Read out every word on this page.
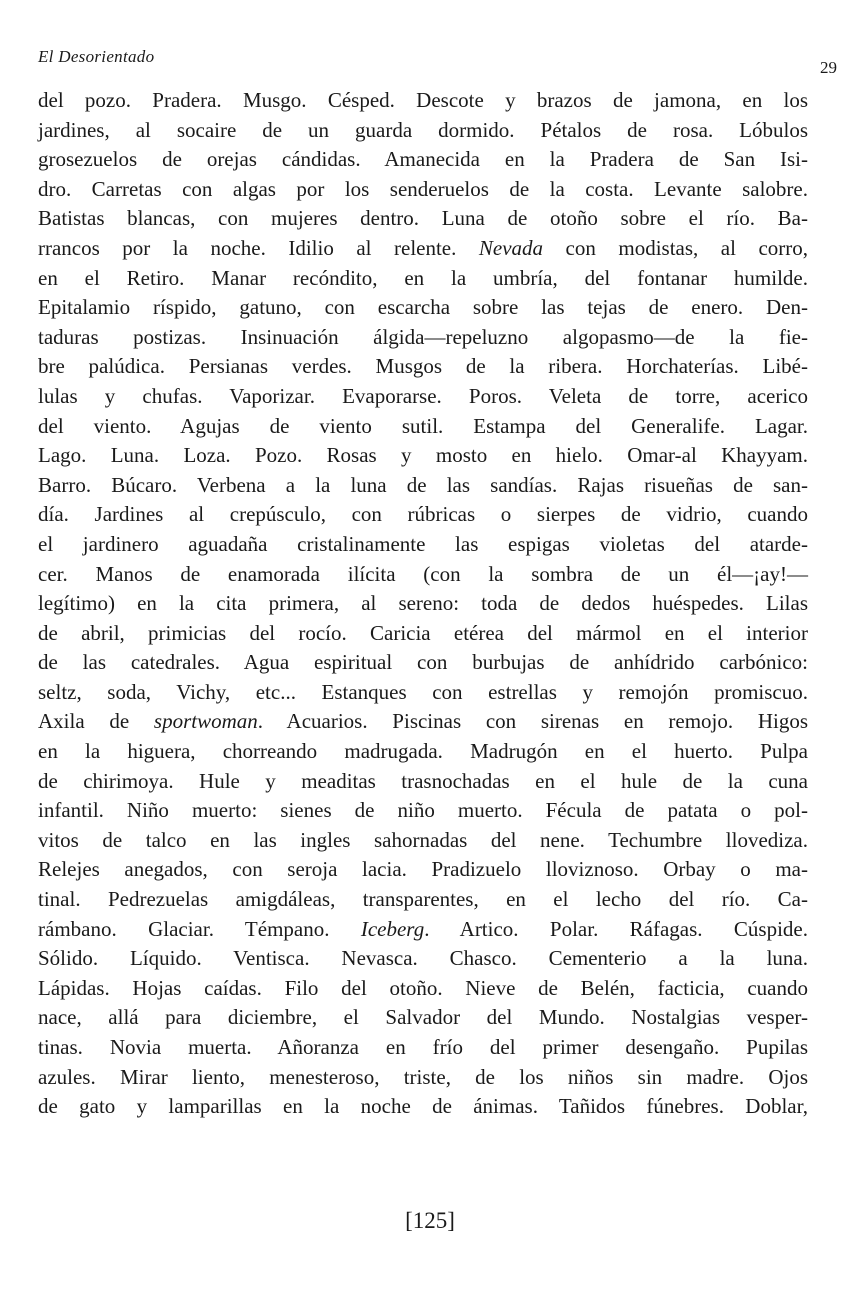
El Desorientado
29
del pozo. Pradera. Musgo. Césped. Descote y brazos de jamona, en los
jardines, al socaire de un guarda dormido. Pétalos de rosa. Lóbulos
grosezuelos de orejas cándidas. Amanecida en la Pradera de San Isi-
dro. Carretas con algas por los senderuelos de la costa. Levante salobre.
Batistas blancas, con mujeres dentro. Luna de otoño sobre el río. Ba-
rrancos por la noche. Idilio al relente. Nevada con modistas, al corro,
en el Retiro. Manar recóndito, en la umbría, del fontanar humilde.
Epitalamio ríspido, gatuno, con escarcha sobre las tejas de enero. Den-
taduras postizas. Insinuación álgida—repeluzno algopasmo—de la fie-
bre palúdica. Persianas verdes. Musgos de la ribera. Horchaterías. Libé-
lulas y chufas. Vaporizar. Evaporarse. Poros. Veleta de torre, acerico
del viento. Agujas de viento sutil. Estampa del Generalife. Lagar.
Lago. Luna. Loza. Pozo. Rosas y mosto en hielo. Omar-al Khayyam.
Barro. Búcaro. Verbena a la luna de las sandías. Rajas risueñas de san-
día. Jardines al crepúsculo, con rúbricas o sierpes de vidrio, cuando
el jardinero aguadaña cristalinamente las espigas violetas del atarde-
cer. Manos de enamorada ilícita (con la sombra de un él—¡ay!—
legítimo) en la cita primera, al sereno: toda de dedos huéspedes. Lilas
de abril, primicias del rocío. Caricia etérea del mármol en el interior
de las catedrales. Agua espiritual con burbujas de anhídrido carbónico:
seltz, soda, Vichy, etc... Estanques con estrellas y remojón promiscuo.
Axila de sportwoman. Acuarios. Piscinas con sirenas en remojo. Higos
en la higuera, chorreando madrugada. Madrugón en el huerto. Pulpa
de chirimoya. Hule y meaditas trasnochadas en el hule de la cuna
infantil. Niño muerto: sienes de niño muerto. Fécula de patata o pol-
vitos de talco en las ingles sahornadas del nene. Techumbre llovediza.
Relejes anegados, con seroja lacia. Pradizuelo lloviznoso. Orbay o ma-
tinal. Pedrezuelas amigdáleas, transparentes, en el lecho del río. Ca-
rámbano. Glaciar. Témpano. Iceberg. Artico. Polar. Ráfagas. Cúspide.
Sólido. Líquido. Ventisca. Nevasca. Chasco. Cementerio a la luna.
Lápidas. Hojas caídas. Filo del otoño. Nieve de Belén, facticia, cuando
nace, allá para diciembre, el Salvador del Mundo. Nostalgias vesper-
tinas. Novia muerta. Añoranza en frío del primer desengaño. Pupilas
azules. Mirar liento, menesteroso, triste, de los niños sin madre. Ojos
de gato y lamparillas en la noche de ánimas. Tañidos fúnebres. Doblar,
[125]
